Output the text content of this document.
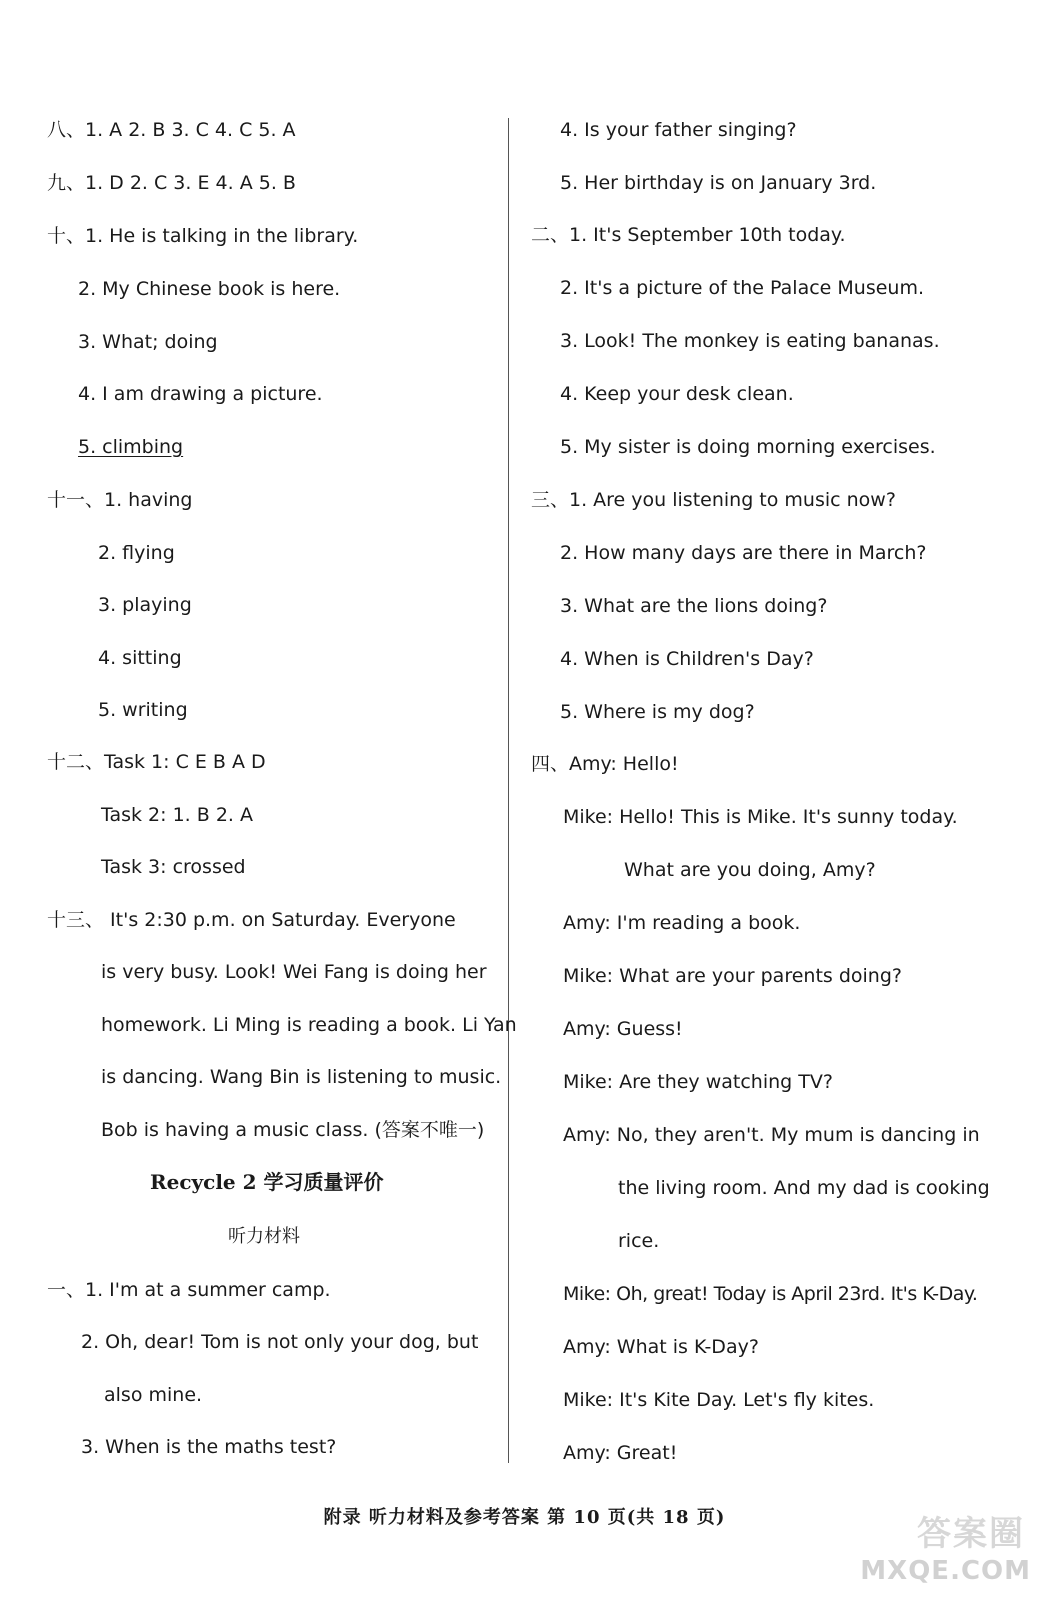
八、1. A 2. B 3. C 4. C 5. A
九、1. D 2. C 3. E 4. A 5. B
十、1. He is talking in the library.
2. My Chinese book is here.
3. What; doing
4. I am drawing a picture.
5. climbing
十一、1. having
2. flying
3. playing
4. sitting
5. writing
十二、Task 1: C E B A D
Task 2: 1. B 2. A
Task 3: crossed
十三、 It's 2:30 p.m. on Saturday. Everyone
is very busy. Look! Wei Fang is doing her
homework. Li Ming is reading a book. Li Yan
is dancing. Wang Bin is listening to music.
Bob is having a music class. (答案不唯一)
Recycle 2 学习质量评价
听力材料
一、1. I'm at a summer camp.
2. Oh, dear! Tom is not only your dog, but
also mine.
3. When is the maths test?
4. Is your father singing?
5. Her birthday is on January 3rd.
二、1. It's September 10th today.
2. It's a picture of the Palace Museum.
3. Look! The monkey is eating bananas.
4. Keep your desk clean.
5. My sister is doing morning exercises.
三、1. Are you listening to music now?
2. How many days are there in March?
3. What are the lions doing?
4. When is Children's Day?
5. Where is my dog?
四、Amy: Hello!
Mike: Hello! This is Mike. It's sunny today.
What are you doing, Amy?
Amy: I'm reading a book.
Mike: What are your parents doing?
Amy: Guess!
Mike: Are they watching TV?
Amy: No, they aren't. My mum is dancing in
the living room. And my dad is cooking
rice.
Mike: Oh, great! Today is April 23rd. It's K-Day.
Amy: What is K-Day?
Mike: It's Kite Day. Let's fly kites.
Amy: Great!
附录 听力材料及参考答案 第 10 页(共 18 页)	答案圈
MXQE.COM
